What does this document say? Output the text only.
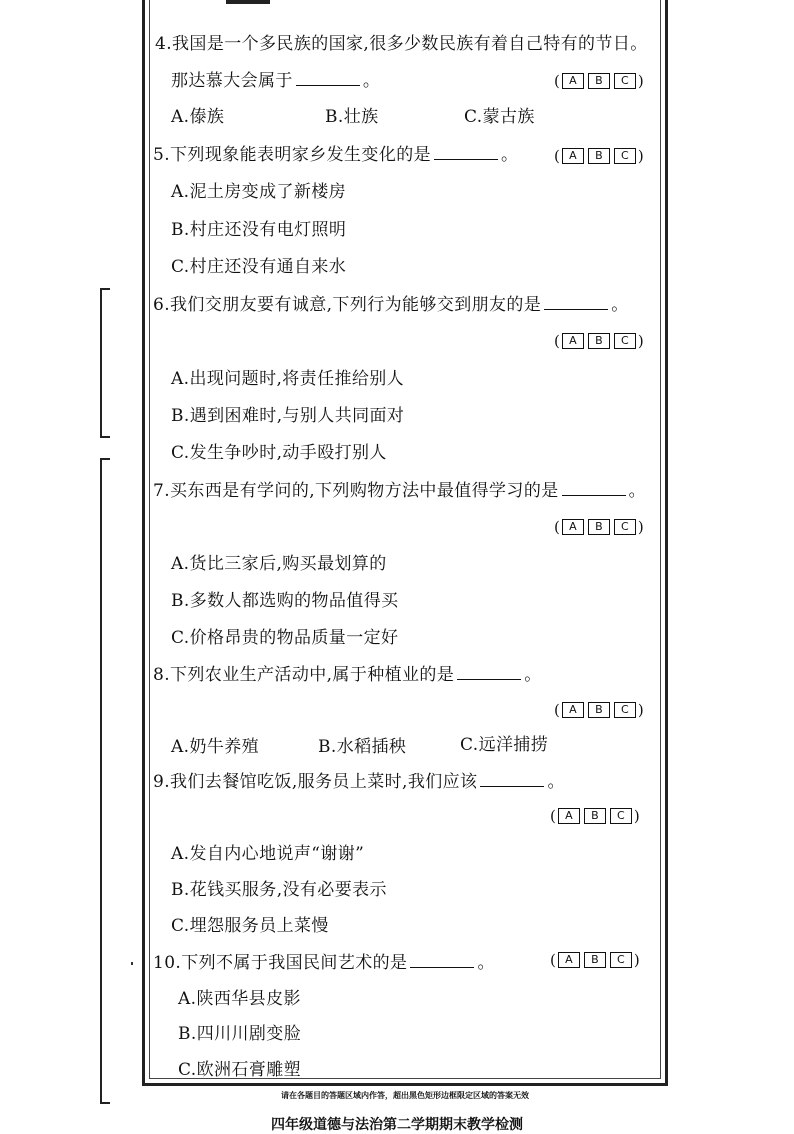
4.我国是一个多民族的国家,很多少数民族有着自己特有的节日。
那达慕大会属于	。	( A B C )
A.傣族	B.壮族	C.蒙古族
5.下列现象能表明家乡发生变化的是	。 ( A B C )
A.泥土房变成了新楼房
B.村庄还没有电灯照明
C.村庄还没有通自来水
6.我们交朋友要有诚意,下列行为能够交到朋友的是	。
( A B C )
A.出现问题时,将责任推给别人
B.遇到困难时,与别人共同面对
C.发生争吵时,动手殴打别人
7.买东西是有学问的,下列购物方法中最值得学习的是	。
( A B C )
A.货比三家后,购买最划算的
B.多数人都选购的物品值得买
C.价格昂贵的物品质量一定好
8.下列农业生产活动中,属于种植业的是	。
( A B C )
A.奶牛养殖	B.水稻插秧	C.远洋捕捞
9.我们去餐馆吃饭,服务员上菜时,我们应该	。
( A B C )
A.发自内心地说声“谢谢”
B.花钱买服务,没有必要表示
C.埋怨服务员上菜慢
10.下列不属于我国民间艺术的是	。	( A B C )
A.陕西华县皮影
B.四川川剧变脸
C.欧洲石膏雕塑
请在各题目的答题区域内作答，超出黑色矩形边框限定区域的答案无效
四年级道德与法治第二学期期末教学检测
